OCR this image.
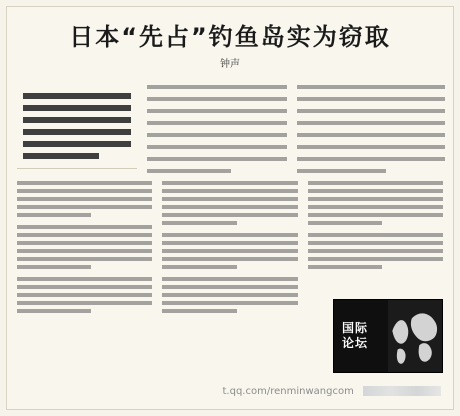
日本“先占”钓鱼岛实为窃取
钟声
国际
论坛
t.qq.com/renminwangcom
